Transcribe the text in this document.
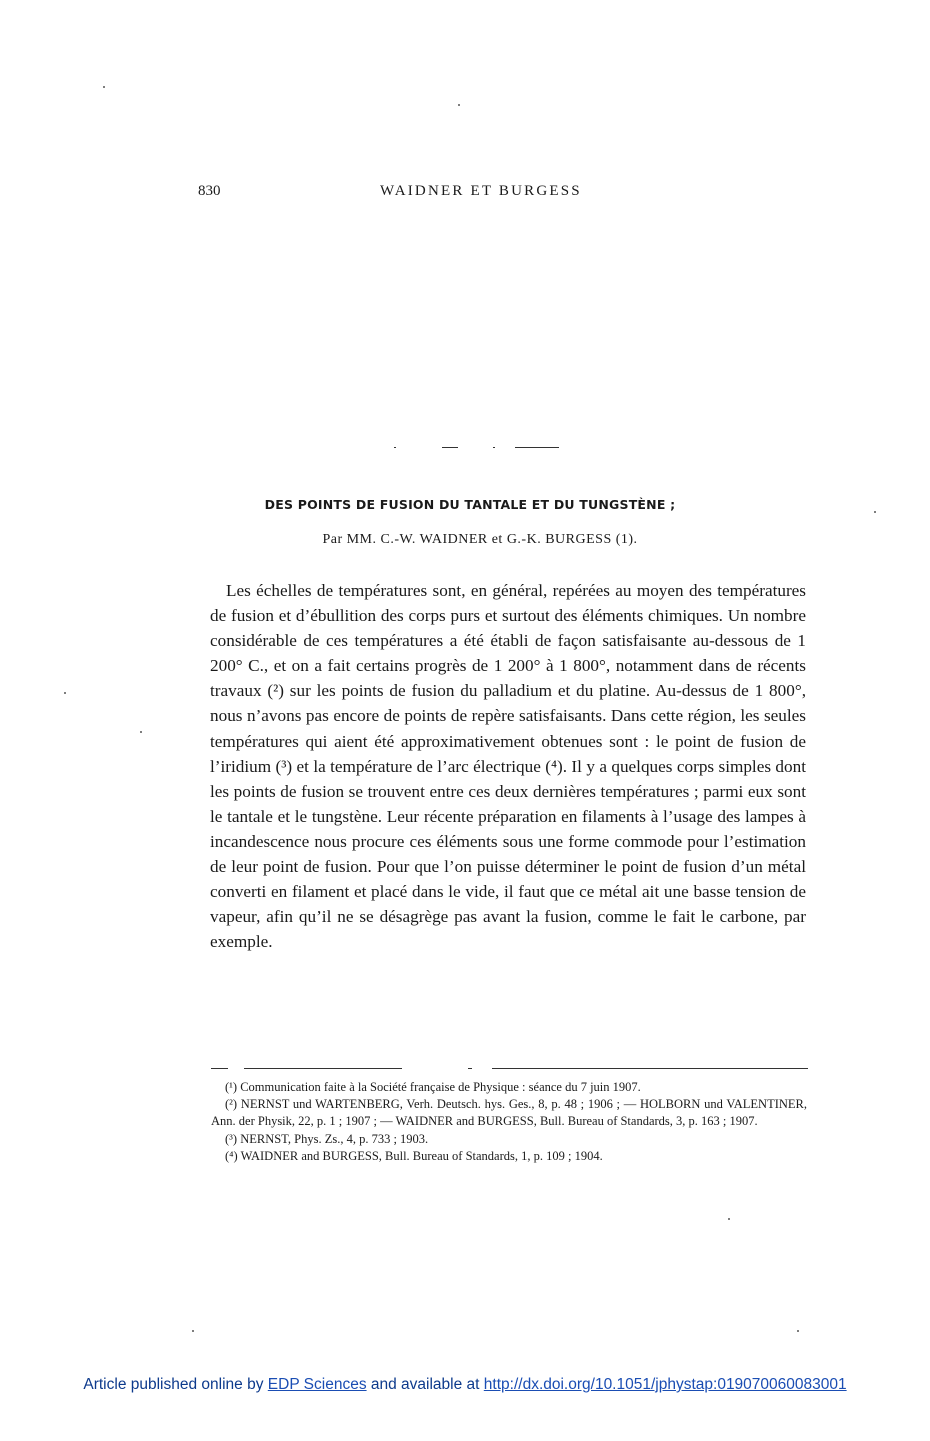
830	WAIDNER ET BURGESS
DES POINTS DE FUSION DU TANTALE ET DU TUNGSTÈNE ;
Par MM. C.-W. WAIDNER et G.-K. BURGESS (1).

Les échelles de températures sont, en général, repérées au moyen des températures de fusion et d’ébullition des corps purs et surtout des éléments chimiques. Un nombre considérable de ces températures a été établi de façon satisfaisante au-dessous de 1 200° C., et on a fait certains progrès de 1 200° à 1 800°, notamment dans de récents travaux (²) sur les points de fusion du palladium et du platine. Au-dessus de 1 800°, nous n’avons pas encore de points de repère satisfaisants. Dans cette région, les seules températures qui aient été approximativement obtenues sont : le point de fusion de l’iridium (³) et la température de l’arc électrique (⁴). Il y a quelques corps simples dont les points de fusion se trouvent entre ces deux dernières températures ; parmi eux sont le tantale et le tungstène. Leur récente préparation en filaments à l’usage des lampes à incandescence nous procure ces éléments sous une forme commode pour l’estimation de leur point de fusion. Pour que l’on puisse déterminer le point de fusion d’un métal converti en filament et placé dans le vide, il faut que ce métal ait une basse tension de vapeur, afin qu’il ne se désagrège pas avant la fusion, comme le fait le carbone, par exemple.

(¹) Communication faite à la Société française de Physique : séance du 7 juin 1907.

(²) NERNST und WARTENBERG, Verh. Deutsch. hys. Ges., 8, p. 48 ; 1906 ; — HOLBORN und VALENTINER, Ann. der Physik, 22, p. 1 ; 1907 ; — WAIDNER and BURGESS, Bull. Bureau of Standards, 3, p. 163 ; 1907.

(³) NERNST, Phys. Zs., 4, p. 733 ; 1903.

(⁴) WAIDNER and BURGESS, Bull. Bureau of Standards, 1, p. 109 ; 1904.

Article published online by EDP Sciences and available at http://dx.doi.org/10.1051/jphystap:019070060083001
